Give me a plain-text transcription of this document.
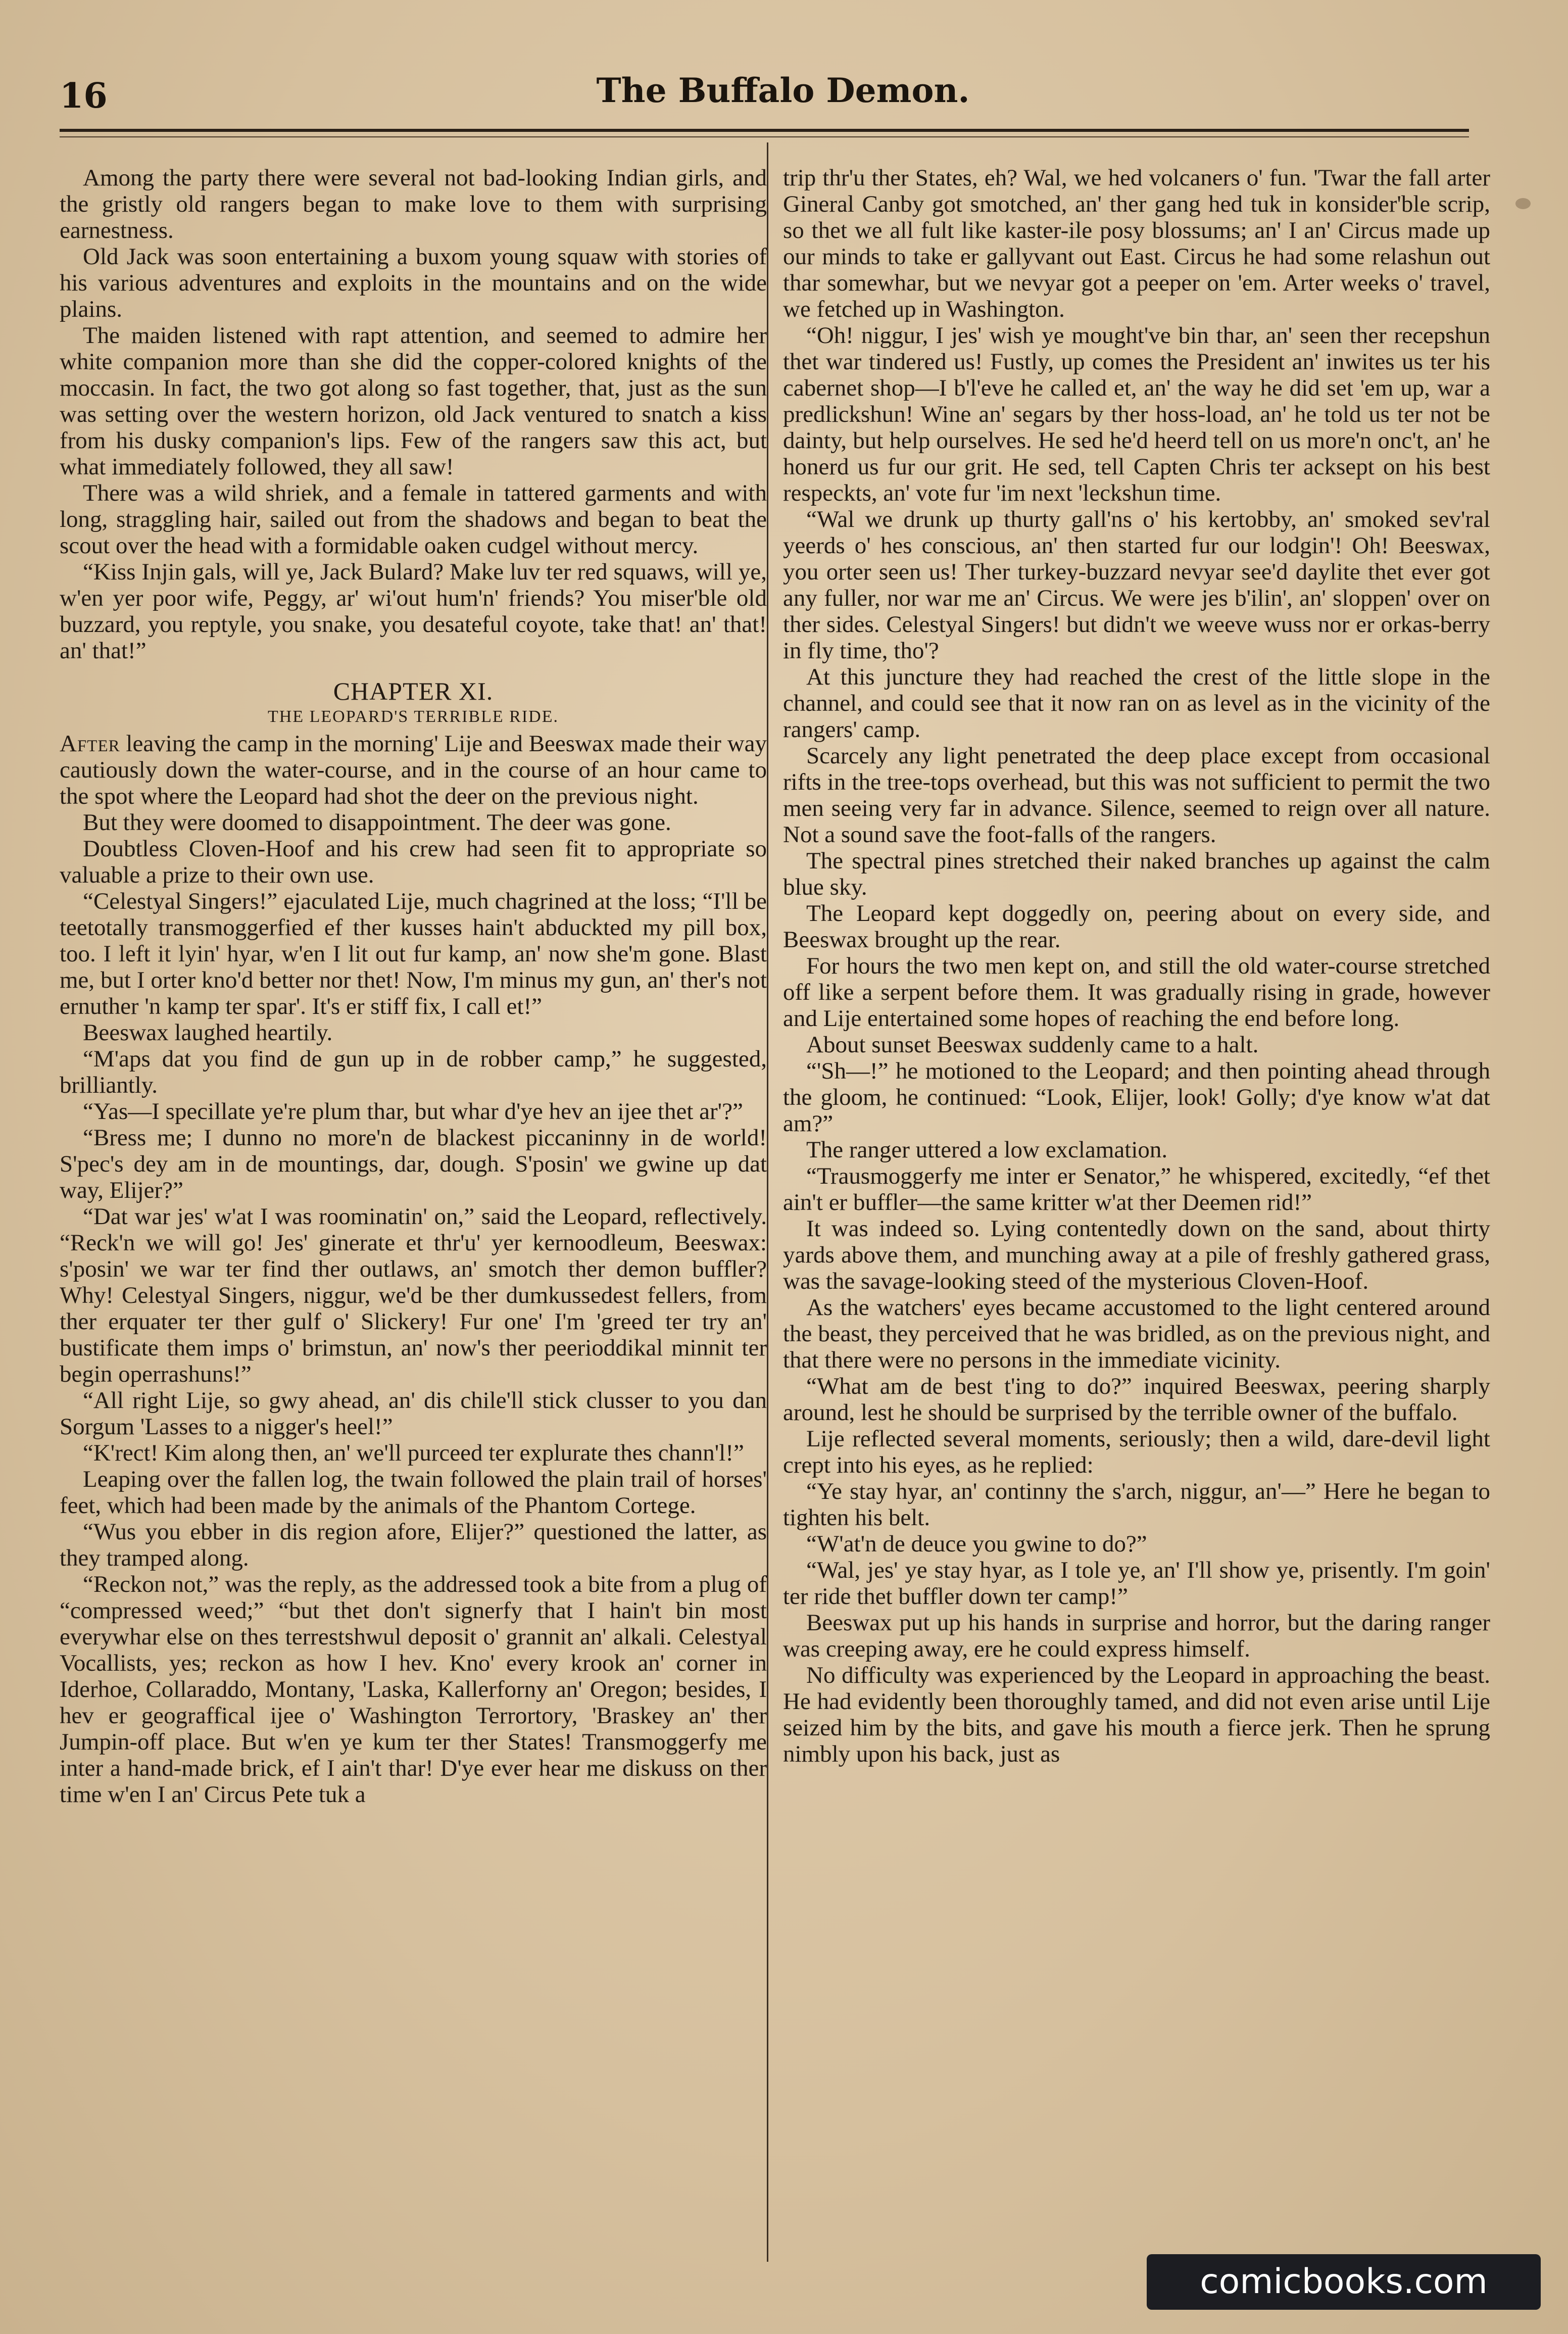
16	The Buffalo Demon.

Among the party there were several not bad-looking Indian girls, and the gristly old rangers began to make love to them with surprising earnestness.

Old Jack was soon entertaining a buxom young squaw with stories of his various adventures and exploits in the mountains and on the wide plains.

The maiden listened with rapt attention, and seemed to admire her white companion more than she did the copper-colored knights of the moccasin. In fact, the two got along so fast together, that, just as the sun was setting over the western horizon, old Jack ventured to snatch a kiss from his dusky companion's lips. Few of the rangers saw this act, but what immediately followed, they all saw!

There was a wild shriek, and a female in tattered garments and with long, straggling hair, sailed out from the shadows and began to beat the scout over the head with a formidable oaken cudgel without mercy.

“Kiss Injin gals, will ye, Jack Bulard? Make luv ter red squaws, will ye, w'en yer poor wife, Peggy, ar' wi'out hum'n' friends? You miser'ble old buzzard, you reptyle, you snake, you desateful coyote, take that! an' that! an' that!”

CHAPTER XI.
THE LEOPARD'S TERRIBLE RIDE.

After leaving the camp in the morning' Lije and Beeswax made their way cautiously down the water-course, and in the course of an hour came to the spot where the Leopard had shot the deer on the previous night.

But they were doomed to disappointment. The deer was gone.

Doubtless Cloven-Hoof and his crew had seen fit to appropriate so valuable a prize to their own use.

“Celestyal Singers!” ejaculated Lije, much chagrined at the loss; “I'll be teetotally transmoggerfied ef ther kusses hain't abduckted my pill box, too. I left it lyin' hyar, w'en I lit out fur kamp, an' now she'm gone. Blast me, but I orter kno'd better nor thet! Now, I'm minus my gun, an' ther's not ernuther 'n kamp ter spar'. It's er stiff fix, I call et!”

Beeswax laughed heartily.

“M'aps dat you find de gun up in de robber camp,” he suggested, brilliantly.

“Yas—I specillate ye're plum thar, but whar d'ye hev an ijee thet ar'?”

“Bress me; I dunno no more'n de blackest piccaninny in de world! S'pec's dey am in de mountings, dar, dough. S'posin' we gwine up dat way, Elijer?”

“Dat war jes' w'at I was roominatin' on,” said the Leopard, reflectively. “Reck'n we will go! Jes' ginerate et thr'u' yer kernoodleum, Beeswax: s'posin' we war ter find ther outlaws, an' smotch ther demon buffler? Why! Celestyal Singers, niggur, we'd be ther dumkussedest fellers, from ther erquater ter ther gulf o' Slickery! Fur one' I'm 'greed ter try an' bustificate them imps o' brimstun, an' now's ther peerioddikal minnit ter begin operrashuns!”

“All right Lije, so gwy ahead, an' dis chile'll stick clusser to you dan Sorgum 'Lasses to a nigger's heel!”

“K'rect! Kim along then, an' we'll purceed ter explurate thes chann'l!”

Leaping over the fallen log, the twain followed the plain trail of horses' feet, which had been made by the animals of the Phantom Cortege.

“Wus you ebber in dis region afore, Elijer?” questioned the latter, as they tramped along.

“Reckon not,” was the reply, as the addressed took a bite from a plug of “compressed weed;” “but thet don't signerfy that I hain't bin most everywhar else on thes terrestshwul deposit o' grannit an' alkali. Celestyal Vocallists, yes; reckon as how I hev. Kno' every krook an' corner in Iderhoe, Collaraddo, Montany, 'Laska, Kallerforny an' Oregon; besides, I hev er geograffical ijee o' Washington Terrortory, 'Braskey an' ther Jumpin-off place. But w'en ye kum ter ther States! Transmoggerfy me inter a hand-made brick, ef I ain't thar! D'ye ever hear me diskuss on ther time w'en I an' Circus Pete tuk a

trip thr'u ther States, eh? Wal, we hed volcaners o' fun. 'Twar the fall arter Gineral Canby got smotched, an' ther gang hed tuk in konsider'ble scrip, so thet we all fult like kaster-ile posy blossums; an' I an' Circus made up our minds to take er gallyvant out East. Circus he had some relashun out thar somewhar, but we nevyar got a peeper on 'em. Arter weeks o' travel, we fetched up in Washington.

“Oh! niggur, I jes' wish ye mought've bin thar, an' seen ther recepshun thet war tindered us! Fustly, up comes the President an' inwites us ter his cabernet shop—I b'l'eve he called et, an' the way he did set 'em up, war a predlickshun! Wine an' segars by ther hoss-load, an' he told us ter not be dainty, but help ourselves. He sed he'd heerd tell on us more'n onc't, an' he honerd us fur our grit. He sed, tell Capten Chris ter acksept on his best respeckts, an' vote fur 'im next 'leckshun time.

“Wal we drunk up thurty gall'ns o' his kertobby, an' smoked sev'ral yeerds o' hes conscious, an' then started fur our lodgin'! Oh! Beeswax, you orter seen us! Ther turkey-buzzard nevyar see'd daylite thet ever got any fuller, nor war me an' Circus. We were jes b'ilin', an' sloppen' over on ther sides. Celestyal Singers! but didn't we weeve wuss nor er orkas-berry in fly time, tho'?

At this juncture they had reached the crest of the little slope in the channel, and could see that it now ran on as level as in the vicinity of the rangers' camp.

Scarcely any light penetrated the deep place except from occasional rifts in the tree-tops overhead, but this was not sufficient to permit the two men seeing very far in advance. Silence, seemed to reign over all nature. Not a sound save the foot-falls of the rangers.

The spectral pines stretched their naked branches up against the calm blue sky.

The Leopard kept doggedly on, peering about on every side, and Beeswax brought up the rear.

For hours the two men kept on, and still the old water-course stretched off like a serpent before them. It was gradually rising in grade, however and Lije entertained some hopes of reaching the end before long.

About sunset Beeswax suddenly came to a halt.

“'Sh—!” he motioned to the Leopard; and then pointing ahead through the gloom, he continued: “Look, Elijer, look! Golly; d'ye know w'at dat am?”

The ranger uttered a low exclamation.

“Trausmoggerfy me inter er Senator,” he whispered, excitedly, “ef thet ain't er buffler—the same kritter w'at ther Deemen rid!”

It was indeed so. Lying contentedly down on the sand, about thirty yards above them, and munching away at a pile of freshly gathered grass, was the savage-looking steed of the mysterious Cloven-Hoof.

As the watchers' eyes became accustomed to the light centered around the beast, they perceived that he was bridled, as on the previous night, and that there were no persons in the immediate vicinity.

“What am de best t'ing to do?” inquired Beeswax, peering sharply around, lest he should be surprised by the terrible owner of the buffalo.

Lije reflected several moments, seriously; then a wild, dare-devil light crept into his eyes, as he replied:

“Ye stay hyar, an' continny the s'arch, niggur, an'—” Here he began to tighten his belt.

“W'at'n de deuce you gwine to do?”

“Wal, jes' ye stay hyar, as I tole ye, an' I'll show ye, prisently. I'm goin' ter ride thet buffler down ter camp!”

Beeswax put up his hands in surprise and horror, but the daring ranger was creeping away, ere he could express himself.

No difficulty was experienced by the Leopard in approaching the beast. He had evidently been thoroughly tamed, and did not even arise until Lije seized him by the bits, and gave his mouth a fierce jerk. Then he sprung nimbly upon his back, just as

comicbooks.com
